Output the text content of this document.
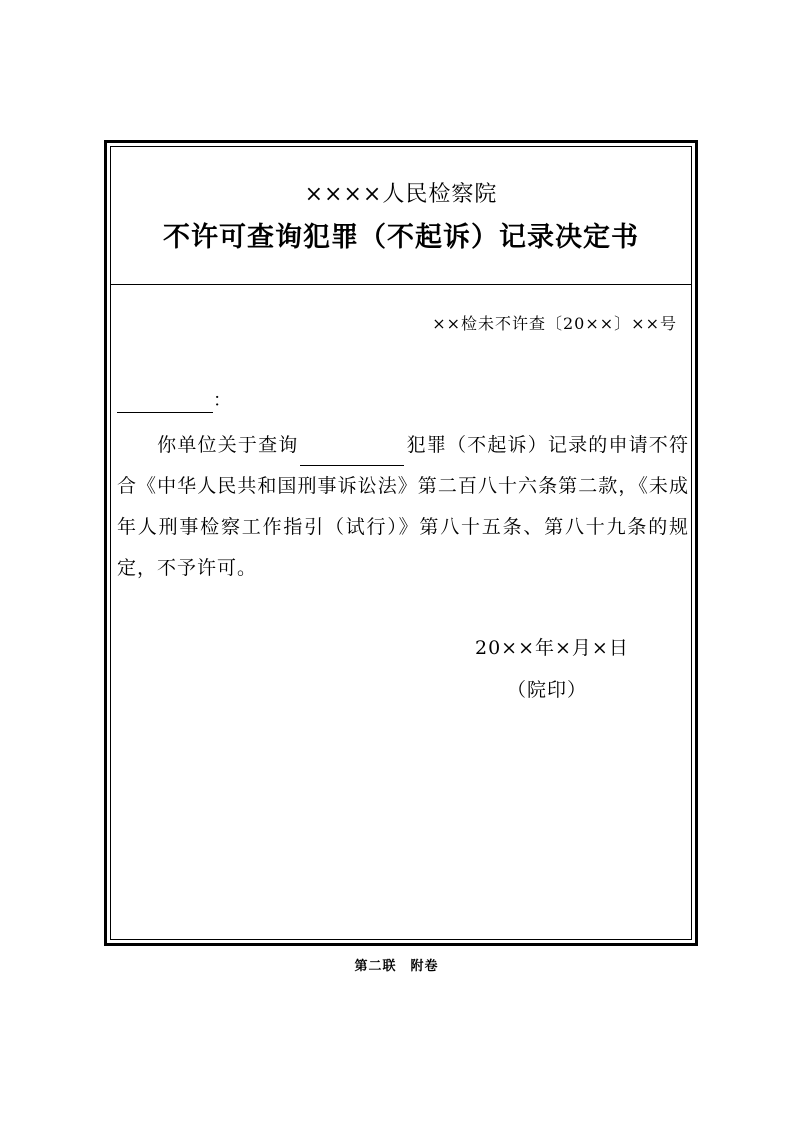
××××人民检察院
不许可查询犯罪（不起诉）记录决定书
××检未不许查〔20××〕××号
：
你单位关于查询	犯罪（不起诉）记录的申请不符合《中华人民共和国刑事诉讼法》第二百八十六条第二款，《未成年人刑事检察工作指引（试行）》第八十五条、第八十九条的规定，不予许可。
20××年×月×日
（院印）
第二联　附卷
